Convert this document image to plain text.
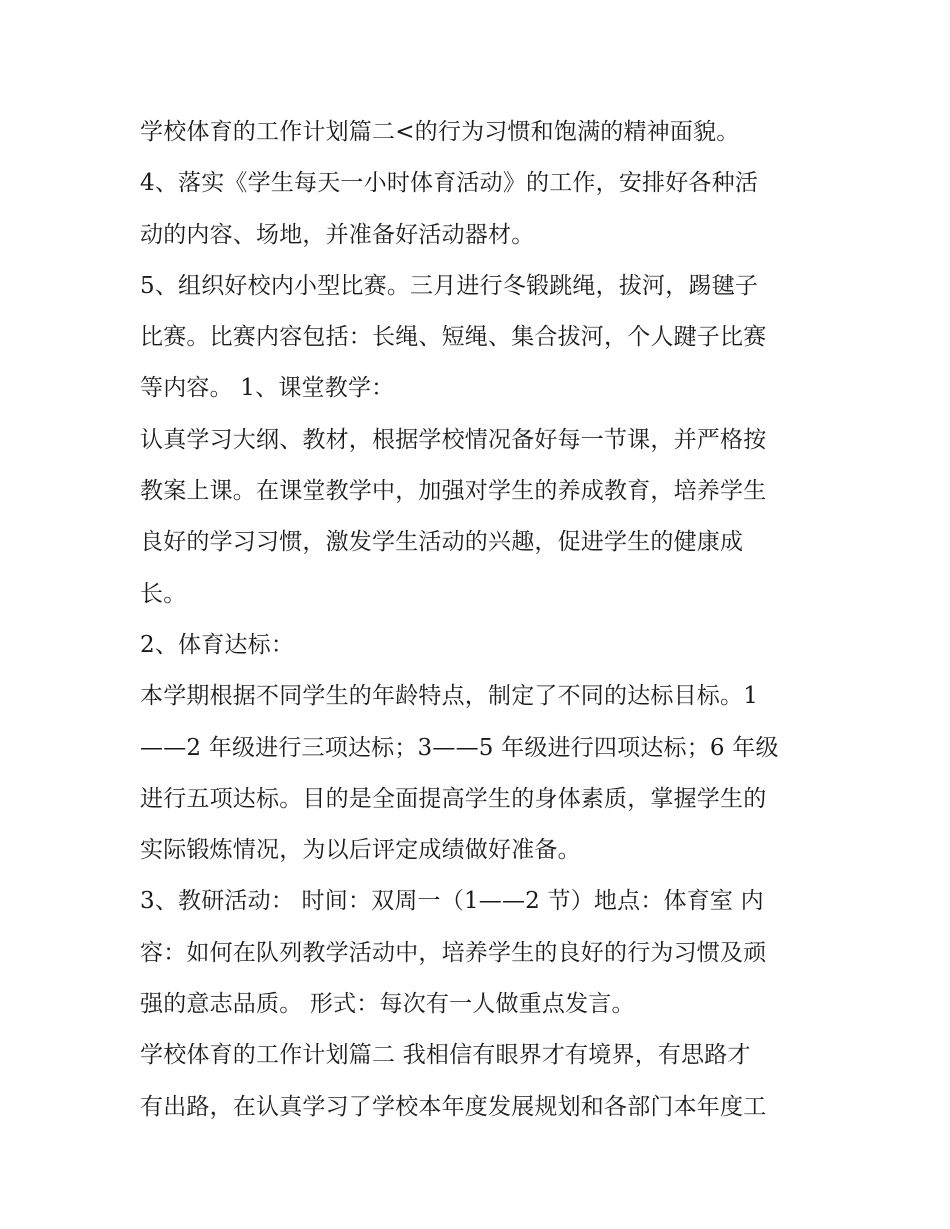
学校体育的工作计划篇二<的行为习惯和饱满的精神面貌。
4、落实《学生每天一小时体育活动》的工作，安排好各种活
动的内容、场地，并准备好活动器材。
5、组织好校内小型比赛。三月进行冬锻跳绳，拔河，踢毽子
比赛。比赛内容包括：长绳、短绳、集合拔河，个人踺子比赛
等内容。 1、课堂教学：
认真学习大纲、教材，根据学校情况备好每一节课，并严格按
教案上课。在课堂教学中，加强对学生的养成教育，培养学生
良好的学习习惯，激发学生活动的兴趣，促进学生的健康成
长。
2、体育达标：
本学期根据不同学生的年龄特点，制定了不同的达标目标。1
——2 年级进行三项达标；3——5 年级进行四项达标；6 年级
进行五项达标。目的是全面提高学生的身体素质，掌握学生的
实际锻炼情况，为以后评定成绩做好准备。
3、教研活动： 时间：双周一（1——2 节）地点：体育室 内
容：如何在队列教学活动中，培养学生的良好的行为习惯及顽
强的意志品质。 形式：每次有一人做重点发言。
学校体育的工作计划篇二 我相信有眼界才有境界，有思路才
有出路，在认真学习了学校本年度发展规划和各部门本年度工
